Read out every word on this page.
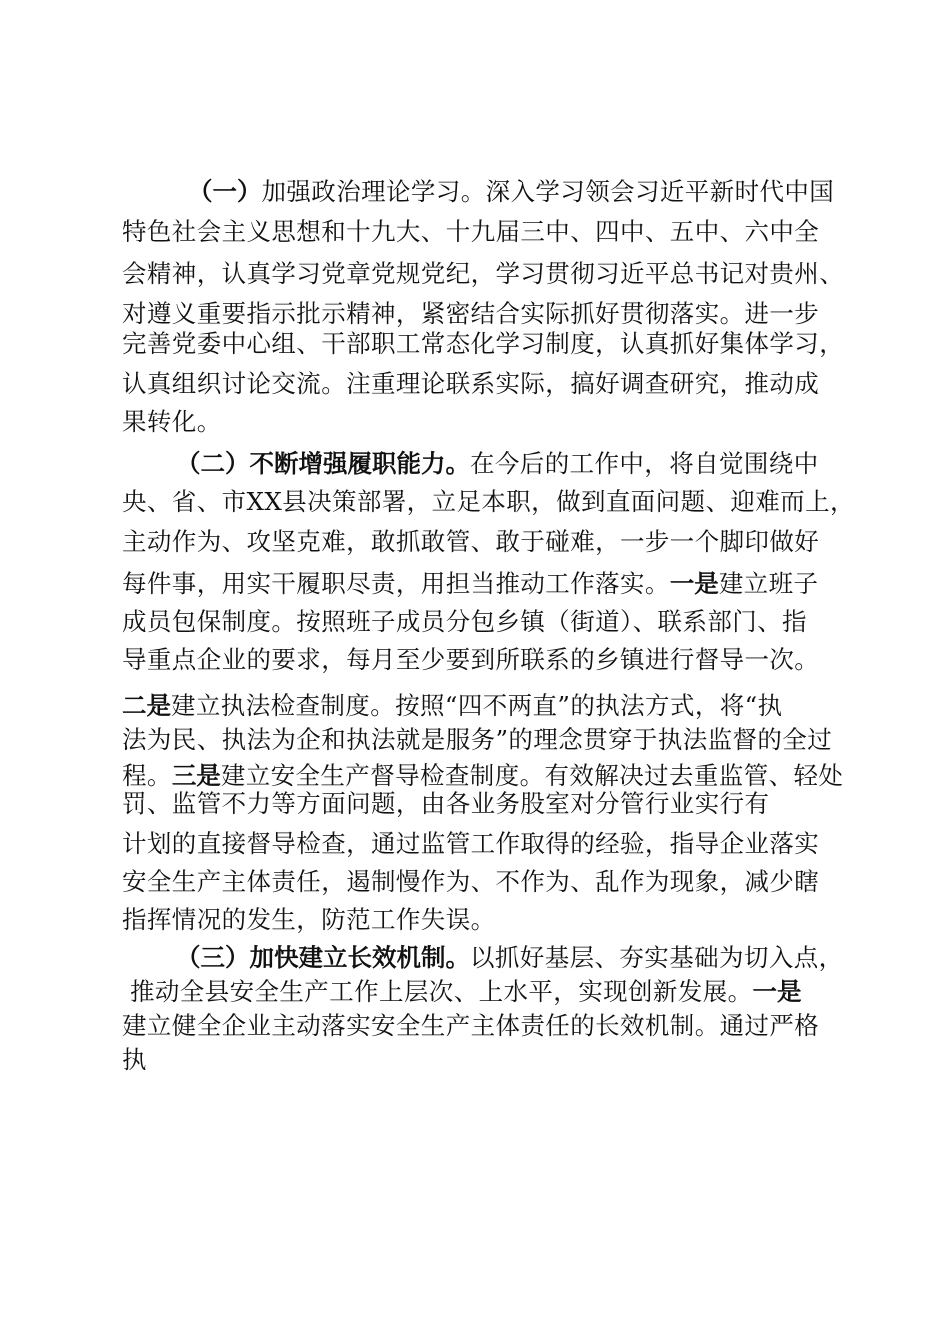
（一）加强政治理论学习。深入学习领会习近平新时代中国
特色社会主义思想和十九大、十九届三中、四中、五中、六中全
会精神，认真学习党章党规党纪，学习贯彻习近平总书记对贵州、
对遵义重要指示批示精神，紧密结合实际抓好贯彻落实。进一步
完善党委中心组、干部职工常态化学习制度，认真抓好集体学习，
认真组织讨论交流。注重理论联系实际，搞好调查研究，推动成
果转化。
（二）不断增强履职能力。在今后的工作中，将自觉围绕中
央、省、市XX县决策部署，立足本职，做到直面问题、迎难而上，
主动作为、攻坚克难，敢抓敢管、敢于碰难，一步一个脚印做好
每件事，用实干履职尽责，用担当推动工作落实。一是建立班子
成员包保制度。按照班子成员分包乡镇（街道）、联系部门、指
导重点企业的要求，每月至少要到所联系的乡镇进行督导一次。
二是建立执法检查制度。按照“四不两直”的执法方式，将“执
法为民、执法为企和执法就是服务”的理念贯穿于执法监督的全过
程。三是建立安全生产督导检查制度。有效解决过去重监管、轻处
罚、监管不力等方面问题，由各业务股室对分管行业实行有
计划的直接督导检查，通过监管工作取得的经验，指导企业落实
安全生产主体责任，遏制慢作为、不作为、乱作为现象，减少瞎
指挥情况的发生，防范工作失误。
（三）加快建立长效机制。以抓好基层、夯实基础为切入点，
推动全县安全生产工作上层次、上水平，实现创新发展。一是
建立健全企业主动落实安全生产主体责任的长效机制。通过严格
执
